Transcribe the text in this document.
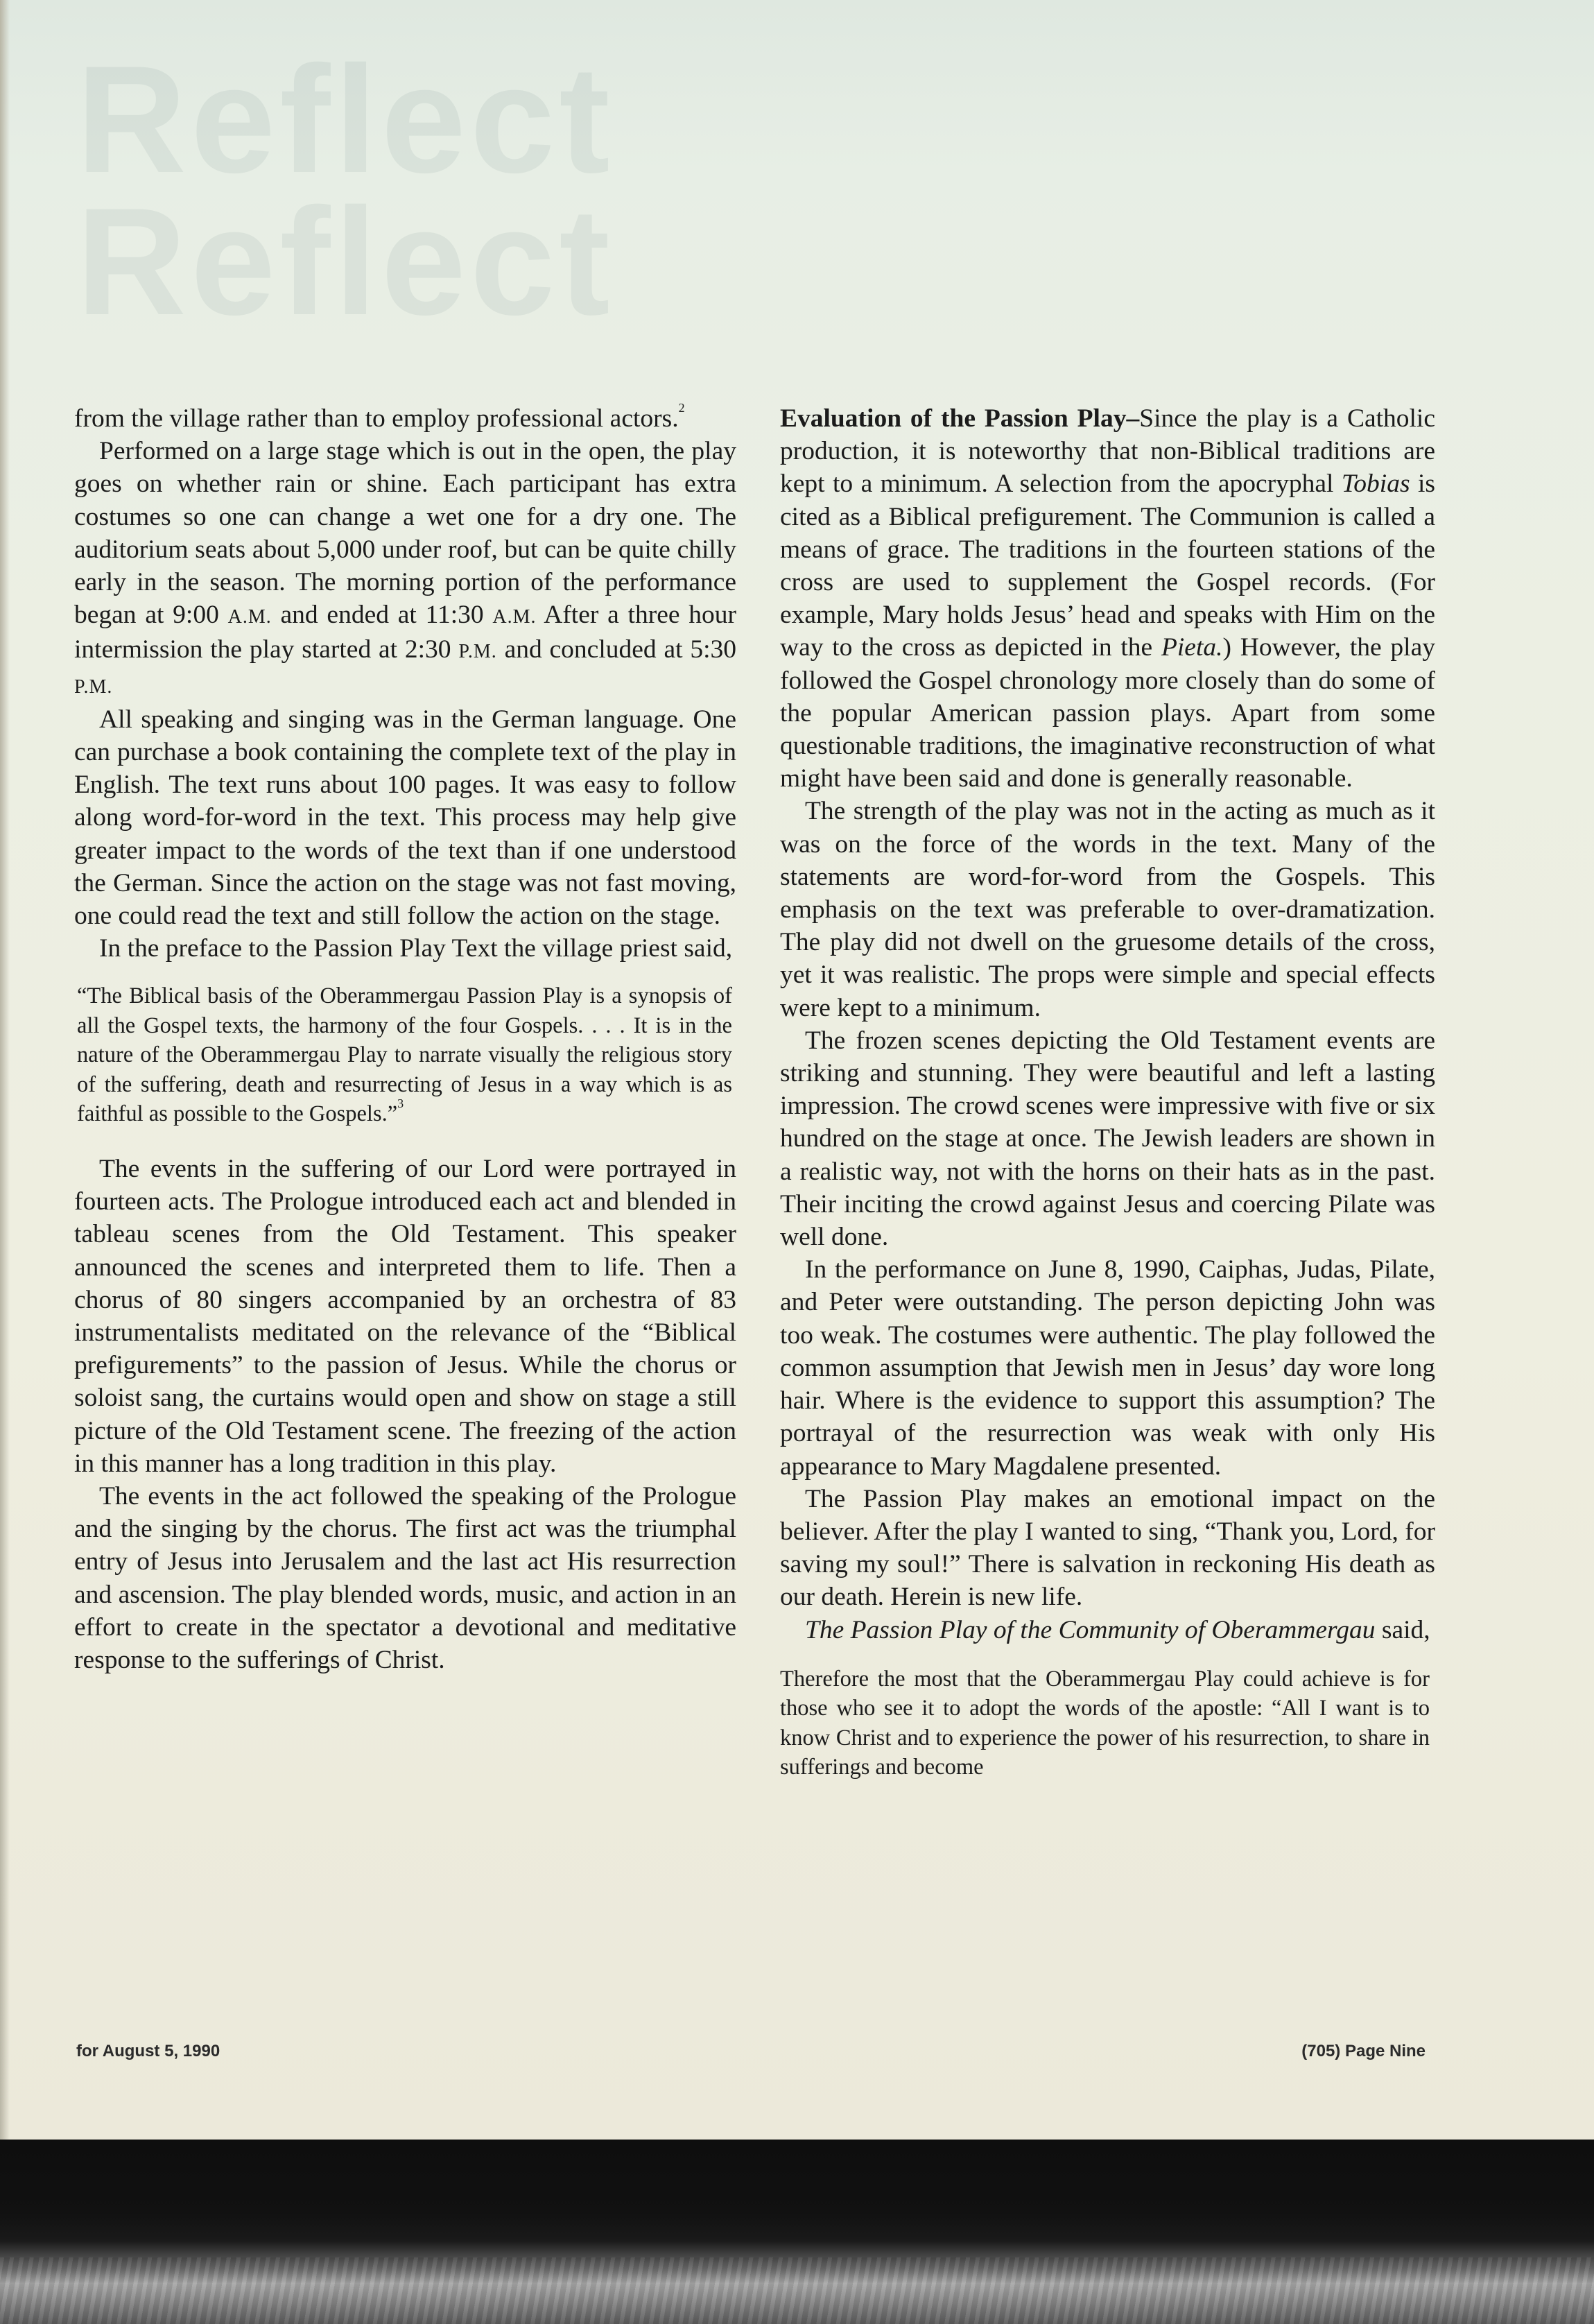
Reflect
Reflect

from the village rather than to employ professional actors.$^2$

Performed on a large stage which is out in the open, the play goes on whether rain or shine. Each participant has extra costumes so one can change a wet one for a dry one. The auditorium seats about 5,000 under roof, but can be quite chilly early in the season. The morning portion of the performance began at 9:00 A.M. and ended at 11:30 A.M. After a three hour intermission the play started at 2:30 P.M. and concluded at 5:30 P.M.

All speaking and singing was in the German language. One can purchase a book containing the complete text of the play in English. The text runs about 100 pages. It was easy to follow along word-for-word in the text. This process may help give greater impact to the words of the text than if one understood the German. Since the action on the stage was not fast moving, one could read the text and still follow the action on the stage.

In the preface to the Passion Play Text the village priest said,

“The Biblical basis of the Oberammergau Passion Play is a synopsis of all the Gospel texts, the harmony of the four Gospels. . . . It is in the nature of the Oberammergau Play to narrate visually the religious story of the suffering, death and resurrecting of Jesus in a way which is as faithful as possible to the Gospels.”$^3$

The events in the suffering of our Lord were portrayed in fourteen acts. The Prologue introduced each act and blended in tableau scenes from the Old Testament. This speaker announced the scenes and interpreted them to life. Then a chorus of 80 singers accompanied by an orchestra of 83 instrumentalists meditated on the relevance of the “Biblical prefigurements” to the passion of Jesus. While the chorus or soloist sang, the curtains would open and show on stage a still picture of the Old Testament scene. The freezing of the action in this manner has a long tradition in this play.

The events in the act followed the speaking of the Prologue and the singing by the chorus. The first act was the triumphal entry of Jesus into Jerusalem and the last act His resurrection and ascension. The play blended words, music, and action in an effort to create in the spectator a devotional and meditative response to the sufferings of Christ.

Evaluation of the Passion Play–Since the play is a Catholic production, it is noteworthy that non-Biblical traditions are kept to a minimum. A selection from the apocryphal Tobias is cited as a Biblical prefigurement. The Communion is called a means of grace. The traditions in the fourteen stations of the cross are used to supplement the Gospel records. (For example, Mary holds Jesus’ head and speaks with Him on the way to the cross as depicted in the Pieta.) However, the play followed the Gospel chronology more closely than do some of the popular American passion plays. Apart from some questionable traditions, the imaginative reconstruction of what might have been said and done is generally reasonable.

The strength of the play was not in the acting as much as it was on the force of the words in the text. Many of the statements are word-for-word from the Gospels. This emphasis on the text was preferable to over-dramatization. The play did not dwell on the gruesome details of the cross, yet it was realistic. The props were simple and special effects were kept to a minimum.

The frozen scenes depicting the Old Testament events are striking and stunning. They were beautiful and left a lasting impression. The crowd scenes were impressive with five or six hundred on the stage at once. The Jewish leaders are shown in a realistic way, not with the horns on their hats as in the past. Their inciting the crowd against Jesus and coercing Pilate was well done.

In the performance on June 8, 1990, Caiphas, Judas, Pilate, and Peter were outstanding. The person depicting John was too weak. The costumes were authentic. The play followed the common assumption that Jewish men in Jesus’ day wore long hair. Where is the evidence to support this assumption? The portrayal of the resurrection was weak with only His appearance to Mary Magdalene presented.

The Passion Play makes an emotional impact on the believer. After the play I wanted to sing, “Thank you, Lord, for saving my soul!” There is salvation in reckoning His death as our death. Herein is new life.

The Passion Play of the Community of Oberammergau said,

Therefore the most that the Oberammergau Play could achieve is for those who see it to adopt the words of the apostle: “All I want is to know Christ and to experience the power of his resurrection, to share in sufferings and become

for August 5, 1990	(705) Page Nine
